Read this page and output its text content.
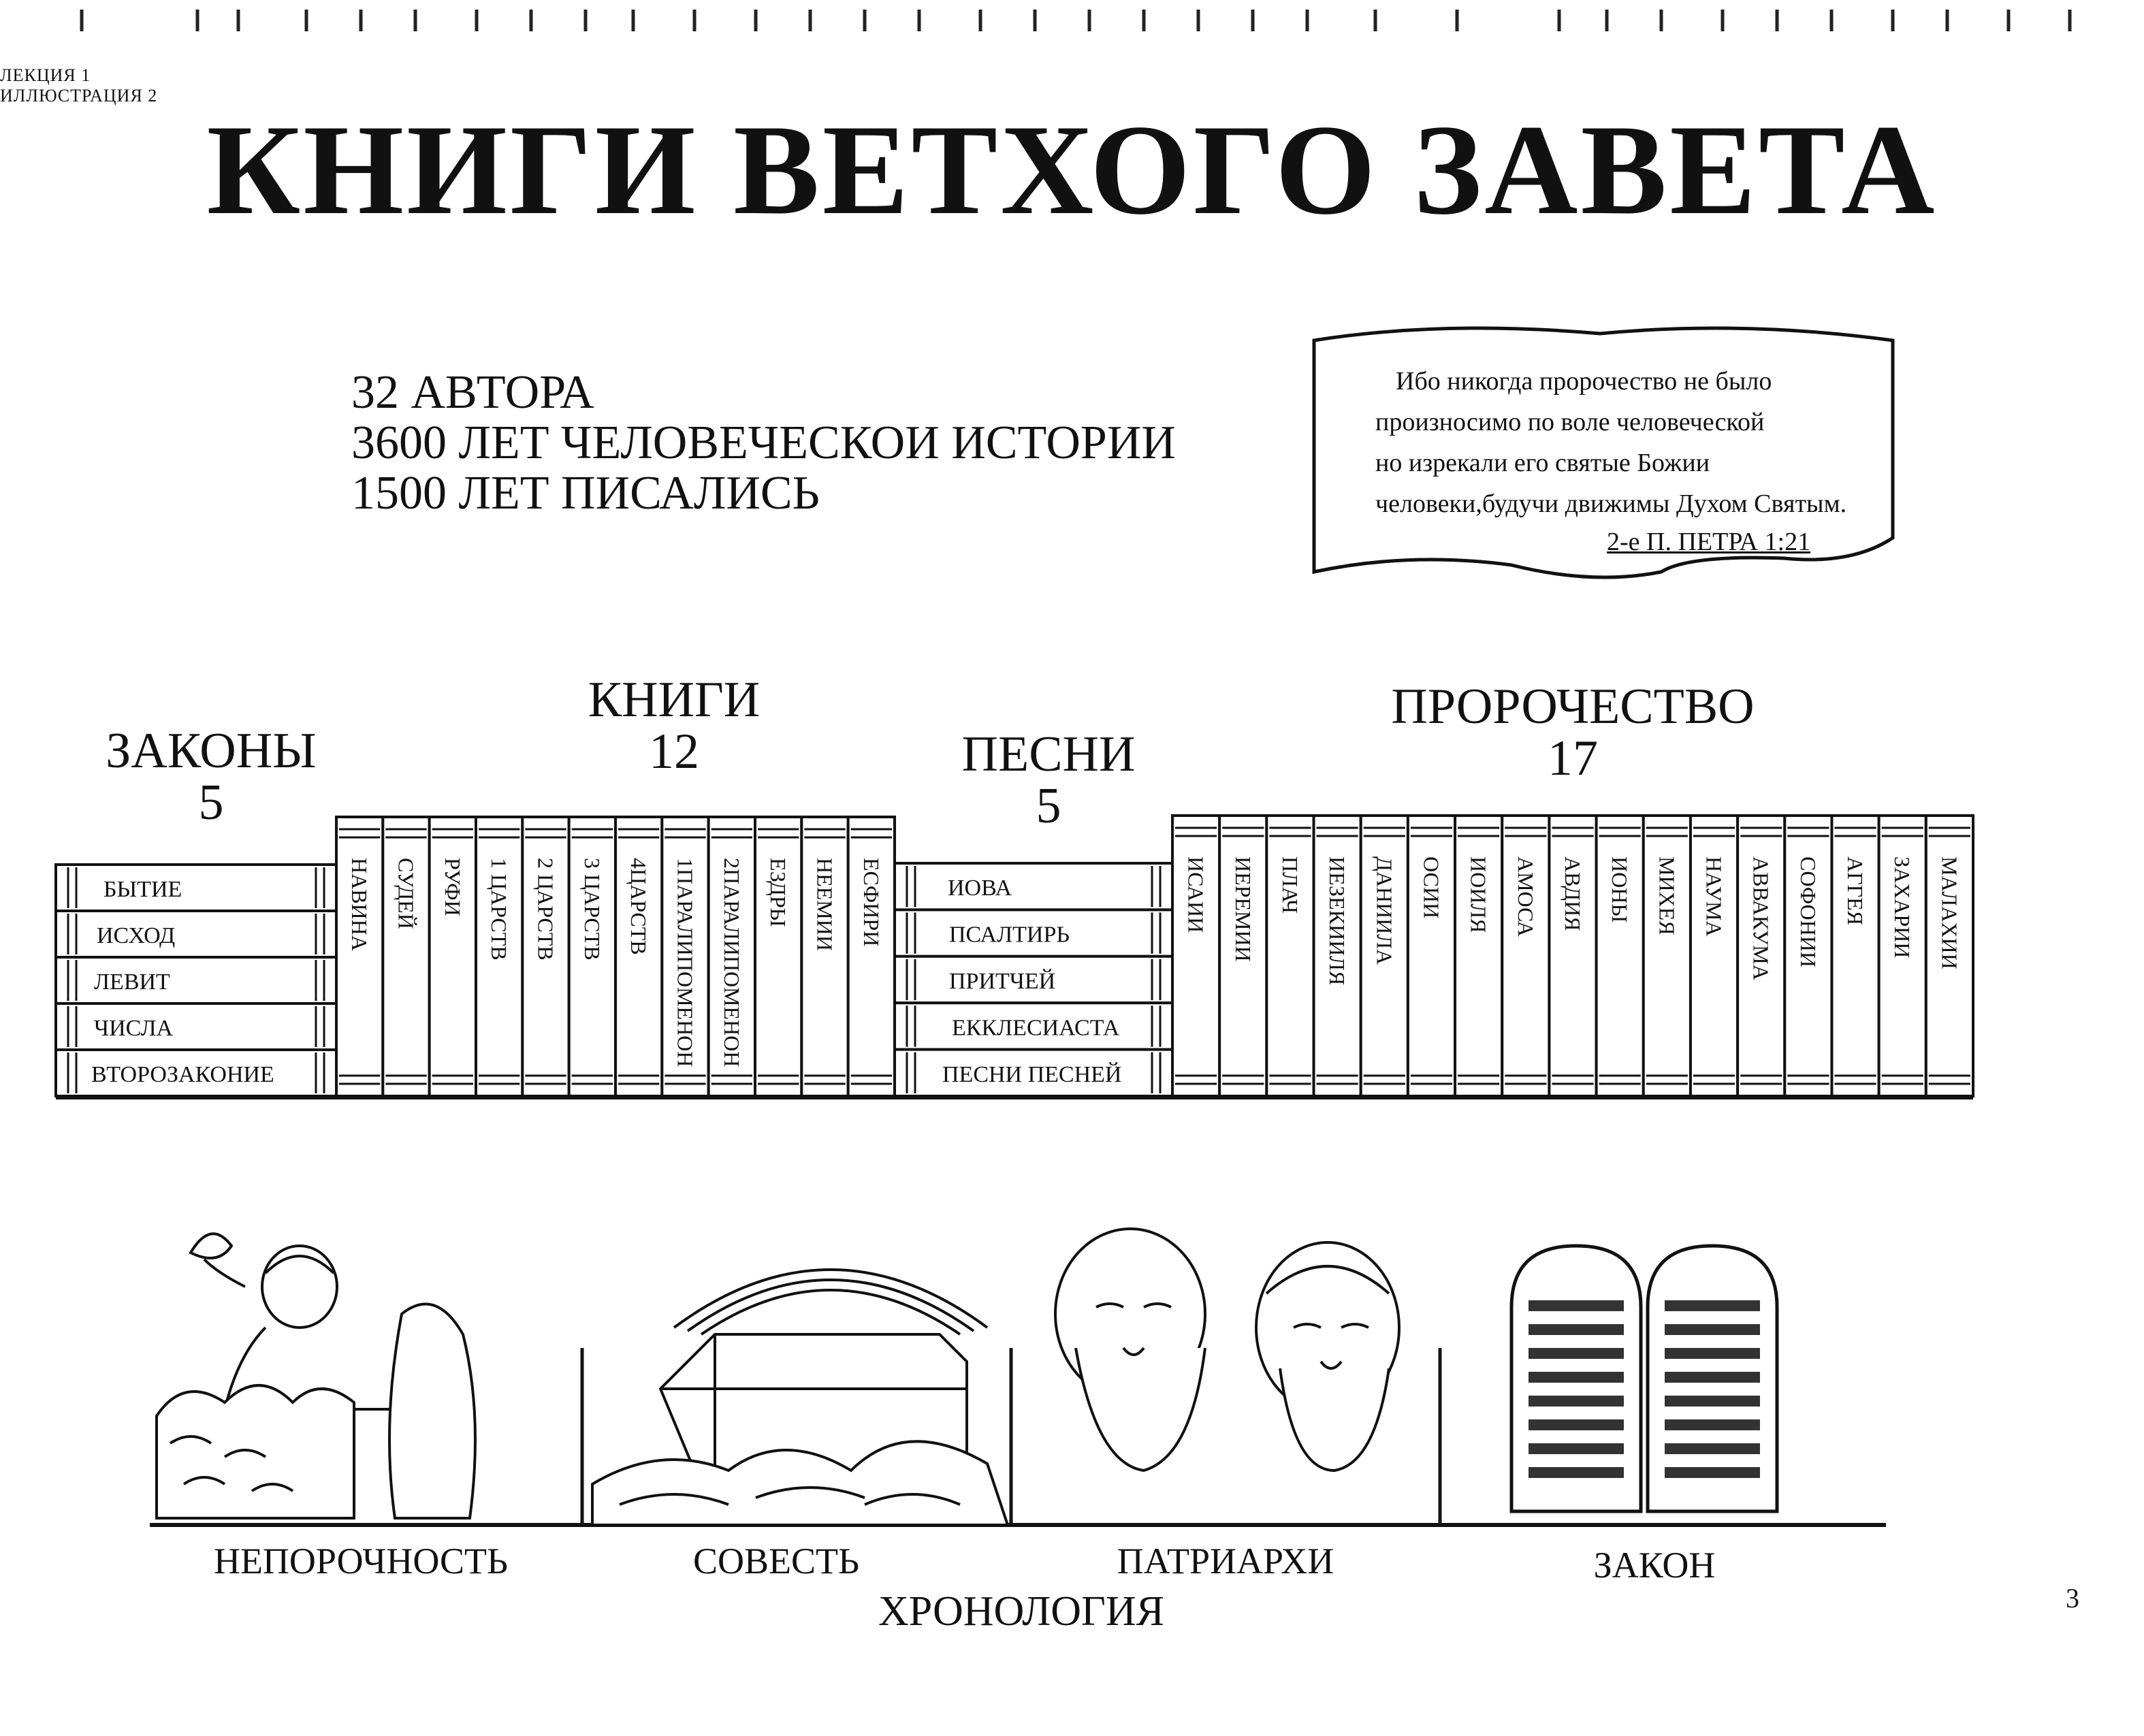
ЛЕКЦИЯ 1
ИЛЛЮСТРАЦИЯ 2
КНИГИ ВЕТХОГО ЗАВЕТА
32 АВТОРА
3600 ЛЕТ ЧЕЛОВЕЧЕСКОИ ИСТОРИИ
1500 ЛЕТ ПИСАЛИСЬ
Ибо никогда пророчество не было
произносимо по воле человеческой
но изрекали его святые Божии
человеки,будучи движимы Духом Святым.
2-е П. ПЕТРА 1:21
ЗАКОНЫ
5
КНИГИ
12	ПЕСНИ
5
ПРОРОЧЕСТВО
17
БЫТИЕ
ИСХОД
ЛЕВИТ
ЧИСЛА
ВТОРОЗАКОНИЕ
НАВИНА СУДЕЙ РУФИ 1 ЦАРСТВ 2 ЦАРСТВ 3 ЦАРСТВ 4ЦАРСТВ 1ПАРАЛИПОМЕНОН 2ПАРАЛИПОМЕНОН ЕЗДРЫ НЕЕМИИ ЕСФИРИ	ИОВА
ПСАЛТИРЬ
ПРИТЧЕЙ
ЕККЛЕСИАСТА
ПЕСНИ ПЕСНЕЙ
ИСАИИ ИЕРЕМИИ ПЛАЧ ИЕЗЕКИИЛЯ ДАНИИЛА ОСИИ ИОИЛЯ АМОСА АВДИЯ ИОНЫ МИХЕЯ НАУМА АВВАКУМА СОФОНИИ АГГЕЯ ЗАХАРИИ МАЛАХИИ
НЕПОРОЧНОСТЬ	СОВЕСТЬ	ПАТРИАРХИ	ЗАКОН
ХРОНОЛОГИЯ	3
